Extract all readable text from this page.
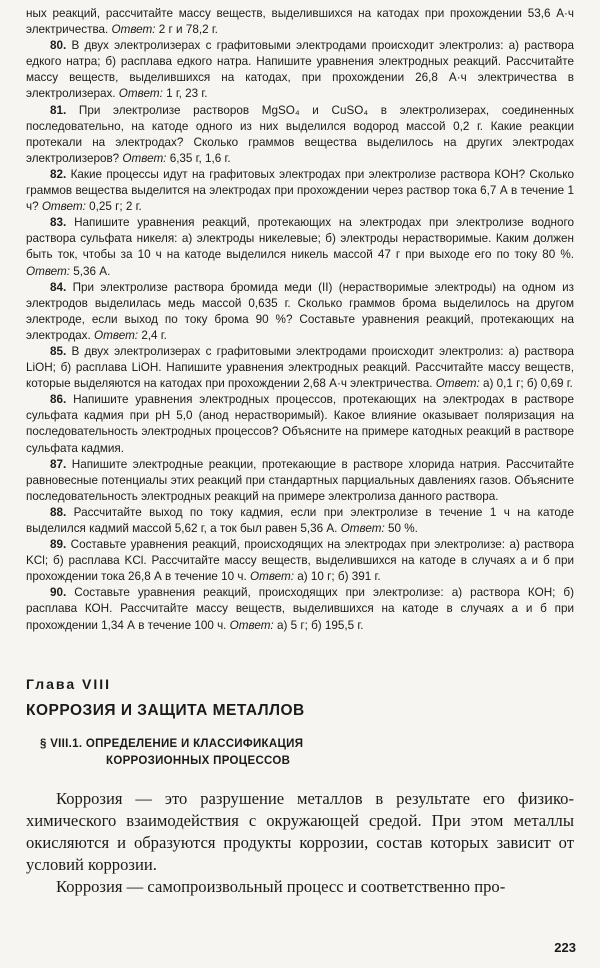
ных реакций, рассчитайте массу веществ, выделившихся на катодах при прохождении 53,6 А·ч электричества. Ответ: 2 г и 78,2 г.

80. В двух электролизерах с графитовыми электродами происходит электролиз: а) раствора едкого натра; б) расплава едкого натра. Напишите уравнения электродных реакций. Рассчитайте массу веществ, выделившихся на катодах, при прохождении 26,8 А·ч электричества в электролизерах. Ответ: 1 г, 23 г.

81. При электролизе растворов MgSO₄ и CuSO₄ в электролизерах, соединенных последовательно, на катоде одного из них выделился водород массой 0,2 г. Какие реакции протекали на электродах? Сколько граммов вещества выделилось на других электродах электролизеров? Ответ: 6,35 г, 1,6 г.

82. Какие процессы идут на графитовых электродах при электролизе раствора КОН? Сколько граммов вещества выделится на электродах при прохождении через раствор тока 6,7 А в течение 1 ч? Ответ: 0,25 г; 2 г.

83. Напишите уравнения реакций, протекающих на электродах при электролизе водного раствора сульфата никеля: а) электроды никелевые; б) электроды нерастворимые. Каким должен быть ток, чтобы за 10 ч на катоде выделился никель массой 47 г при выходе его по току 80 %. Ответ: 5,36 А.

84. При электролизе раствора бромида меди (II) (нерастворимые электроды) на одном из электродов выделилась медь массой 0,635 г. Сколько граммов брома выделилось на другом электроде, если выход по току брома 90 %? Составьте уравнения реакций, протекающих на электродах. Ответ: 2,4 г.

85. В двух электролизерах с графитовыми электродами происходит электролиз: а) раствора LiOH; б) расплава LiOH. Напишите уравнения электродных реакций. Рассчитайте массу веществ, которые выделяются на катодах при прохождении 2,68 А·ч электричества. Ответ: а) 0,1 г; б) 0,69 г.

86. Напишите уравнения электродных процессов, протекающих на электродах в растворе сульфата кадмия при pH 5,0 (анод нерастворимый). Какое влияние оказывает поляризация на последовательность электродных процессов? Объясните на примере катодных реакций в растворе сульфата кадмия.

87. Напишите электродные реакции, протекающие в растворе хлорида натрия. Рассчитайте равновесные потенциалы этих реакций при стандартных парциальных давлениях газов. Объясните последовательность электродных реакций на примере электролиза данного раствора.

88. Рассчитайте выход по току кадмия, если при электролизе в течение 1 ч на катоде выделился кадмий массой 5,62 г, а ток был равен 5,36 А. Ответ: 50 %.

89. Составьте уравнения реакций, происходящих на электродах при электролизе: а) раствора KCl; б) расплава KCl. Рассчитайте массу веществ, выделившихся на катоде в случаях а и б при прохождении тока 26,8 А в течение 10 ч. Ответ: а) 10 г; б) 391 г.

90. Составьте уравнения реакций, происходящих при электролизе: а) раствора КОН; б) расплава КОН. Рассчитайте массу веществ, выделившихся на катоде в случаях а и б при прохождении 1,34 А в течение 100 ч. Ответ: а) 5 г; б) 195,5 г.

Глава VIII
КОРРОЗИЯ И ЗАЩИТА МЕТАЛЛОВ
§ VIII.1. ОПРЕДЕЛЕНИЕ И КЛАССИФИКАЦИЯ
КОРРОЗИОННЫХ ПРОЦЕССОВ

Коррозия — это разрушение металлов в результате его физико-химического взаимодействия с окружающей средой. При этом металлы окисляются и образуются продукты коррозии, состав которых зависит от условий коррозии.

Коррозия — самопроизвольный процесс и соответственно про-

223
